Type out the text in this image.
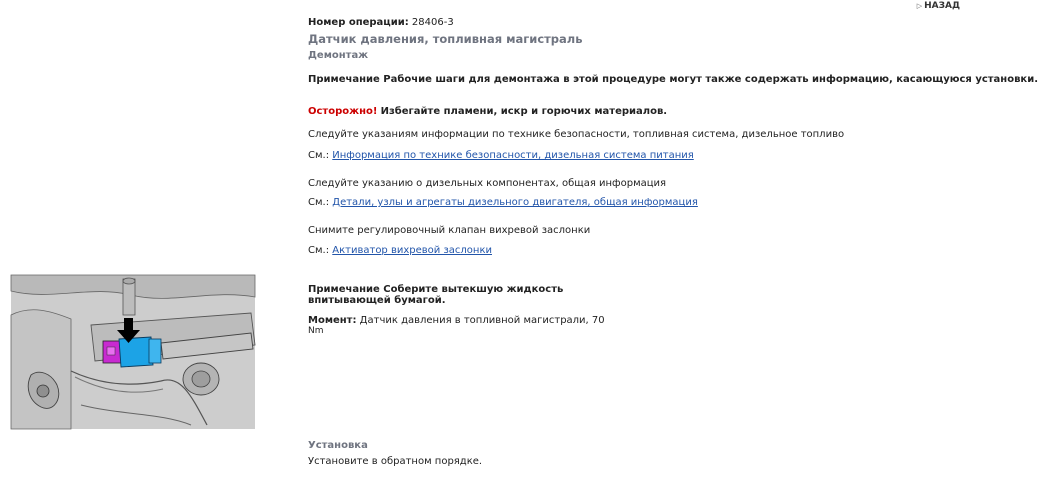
▷ НАЗАД
Номер операции: 28406-3
Датчик давления, топливная магистраль
Демонтаж
Примечание Рабочие шаги для демонтажа в этой процедуре могут также содержать информацию, касающуюся установки.
Осторожно! Избегайте пламени, искр и горючих материалов.
Следуйте указаниям информации по технике безопасности, топливная система, дизельное топливо
См.: Информация по технике безопасности, дизельная система питания
Следуйте указанию о дизельных компонентах, общая информация
См.: Детали, узлы и агрегаты дизельного двигателя, общая информация
Снимите регулировочный клапан вихревой заслонки
См.: Активатор вихревой заслонки
Примечание Соберите вытекшую жидкость
впитывающей бумагой.
Момент: Датчик давления в топливной магистрали, 70
Nm
Установка
Установите в обратном порядке.
